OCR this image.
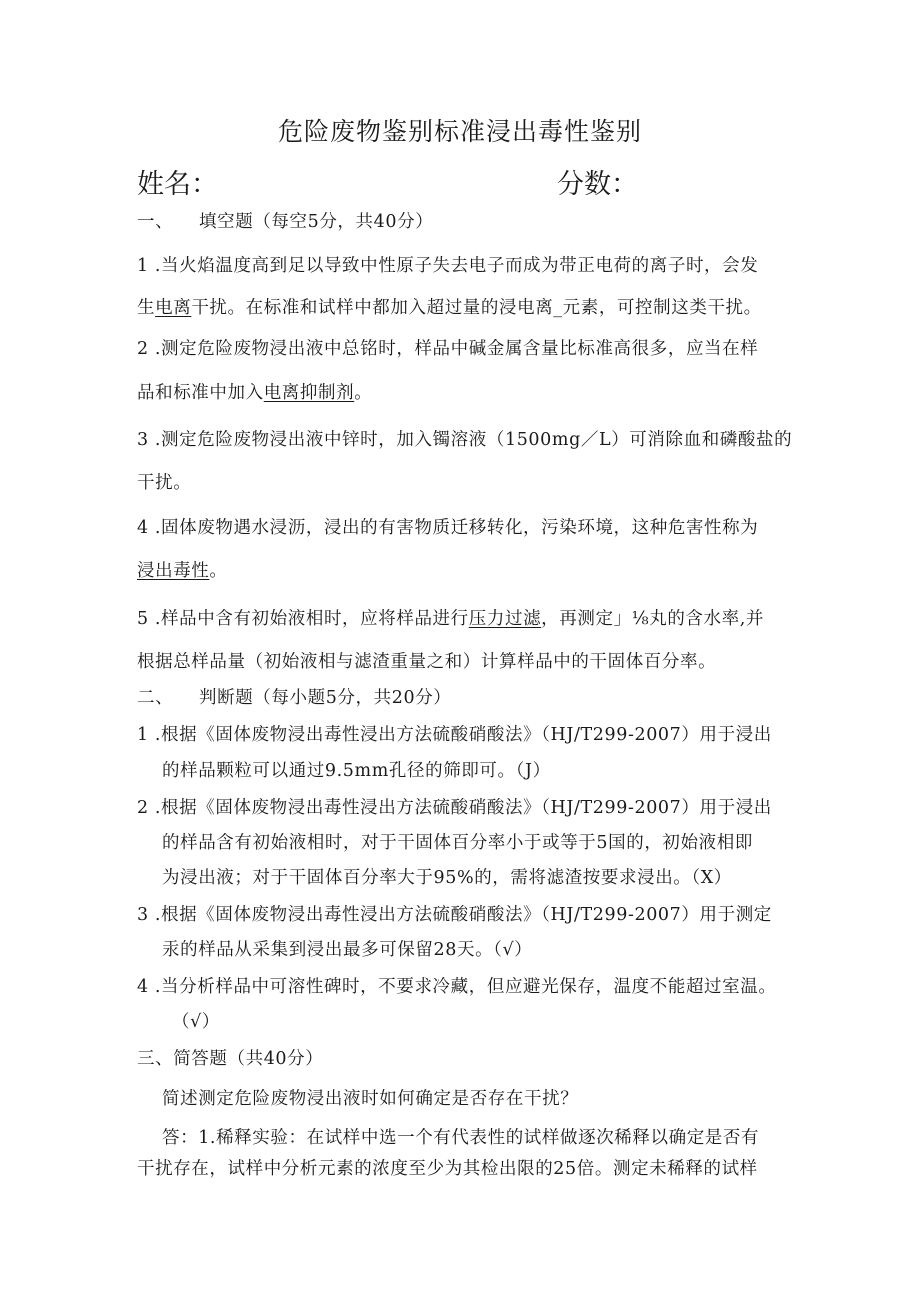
危险废物鉴别标准浸出毒性鉴别
姓名：	分数：
一、 填空题（每空5分，共40分）
1 .当火焰温度高到足以导致中性原子失去电子而成为带正电荷的离子时，会发
生电离干扰。在标准和试样中都加入超过量的浸电离_元素，可控制这类干扰。
2 .测定危险废物浸出液中总铭时，样品中碱金属含量比标准高很多，应当在样
品和标准中加入电离抑制剂。
3 .测定危险废物浸出液中锌时，加入镯溶液（1500mg／L）可消除血和磷酸盐的
干扰。
4 .固体废物遇水浸沥，浸出的有害物质迁移转化，污染环境，这种危害性称为
浸出毒性。
5 .样品中含有初始液相时，应将样品进行压力过滤，再测定」⅛丸的含水率,并
根据总样品量（初始液相与滤渣重量之和）计算样品中的干固体百分率。
二、 判断题（每小题5分，共20分）
1 .根据《固体废物浸出毒性浸出方法硫酸硝酸法》（HJ/T299-2007）用于浸出
的样品颗粒可以通过9.5mm孔径的筛即可。（J）
2 .根据《固体废物浸出毒性浸出方法硫酸硝酸法》（HJ/T299-2007）用于浸出
的样品含有初始液相时，对于干固体百分率小于或等于5国的，初始液相即
为浸出液；对于干固体百分率大于95%的，需将滤渣按要求浸出。（X）
3 .根据《固体废物浸出毒性浸出方法硫酸硝酸法》（HJ/T299-2007）用于测定
汞的样品从采集到浸出最多可保留28天。（√）
4 .当分析样品中可溶性碑时，不要求冷藏，但应避光保存，温度不能超过室温。
（√）
三、简答题（共40分）
简述测定危险废物浸出液时如何确定是否存在干扰？
答：1.稀释实验：在试样中选一个有代表性的试样做逐次稀释以确定是否有
干扰存在，试样中分析元素的浓度至少为其检出限的25倍。测定未稀释的试样
